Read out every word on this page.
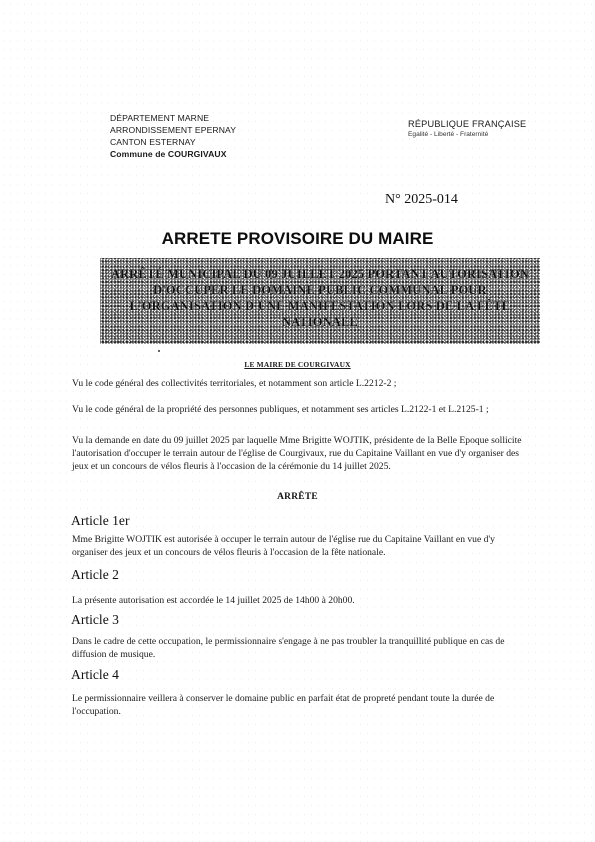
DÉPARTEMENT MARNE
ARRONDISSEMENT EPERNAY
CANTON ESTERNAY
Commune de COURGIVAUX
RÉPUBLIQUE FRANÇAISE
Egalité - Liberté - Fraternité
N° 2025-014
ARRETE PROVISOIRE DU MAIRE
ARRÊTÉ MUNICIPAL DU 09 JUILLET 2025 PORTANT AUTORISATION D'OCCUPER LE DOMAINE PUBLIC COMMUNAL POUR L'ORGANISATION D'UNE MANIFESTATION LORS DE LA FÊTE NATIONALE
LE MAIRE DE COURGIVAUX
Vu le code général des collectivités territoriales, et notamment son article L.2212-2 ;
Vu le code général de la propriété des personnes publiques, et notamment ses articles L.2122-1 et L.2125-1 ;
Vu la demande en date du 09 juillet 2025 par laquelle Mme Brigitte WOJTIK, présidente de la Belle Epoque sollicite l'autorisation d'occuper le terrain autour de l'église de Courgivaux, rue du Capitaine Vaillant en vue d'y organiser des jeux et un concours de vélos fleuris à l'occasion de la cérémonie du 14 juillet 2025.
ARRÊTE
Article 1er
Mme Brigitte WOJTIK est autorisée à occuper le terrain autour de l'église rue du Capitaine Vaillant en vue d'y organiser des jeux et un concours de vélos fleuris à l'occasion de la fête nationale.
Article 2
La présente autorisation est accordée le 14 juillet 2025 de 14h00 à 20h00.
Article 3
Dans le cadre de cette occupation, le permissionnaire s'engage à ne pas troubler la tranquillité publique en cas de diffusion de musique.
Article 4
Le permissionnaire veillera à conserver le domaine public en parfait état de propreté pendant toute la durée de l'occupation.
